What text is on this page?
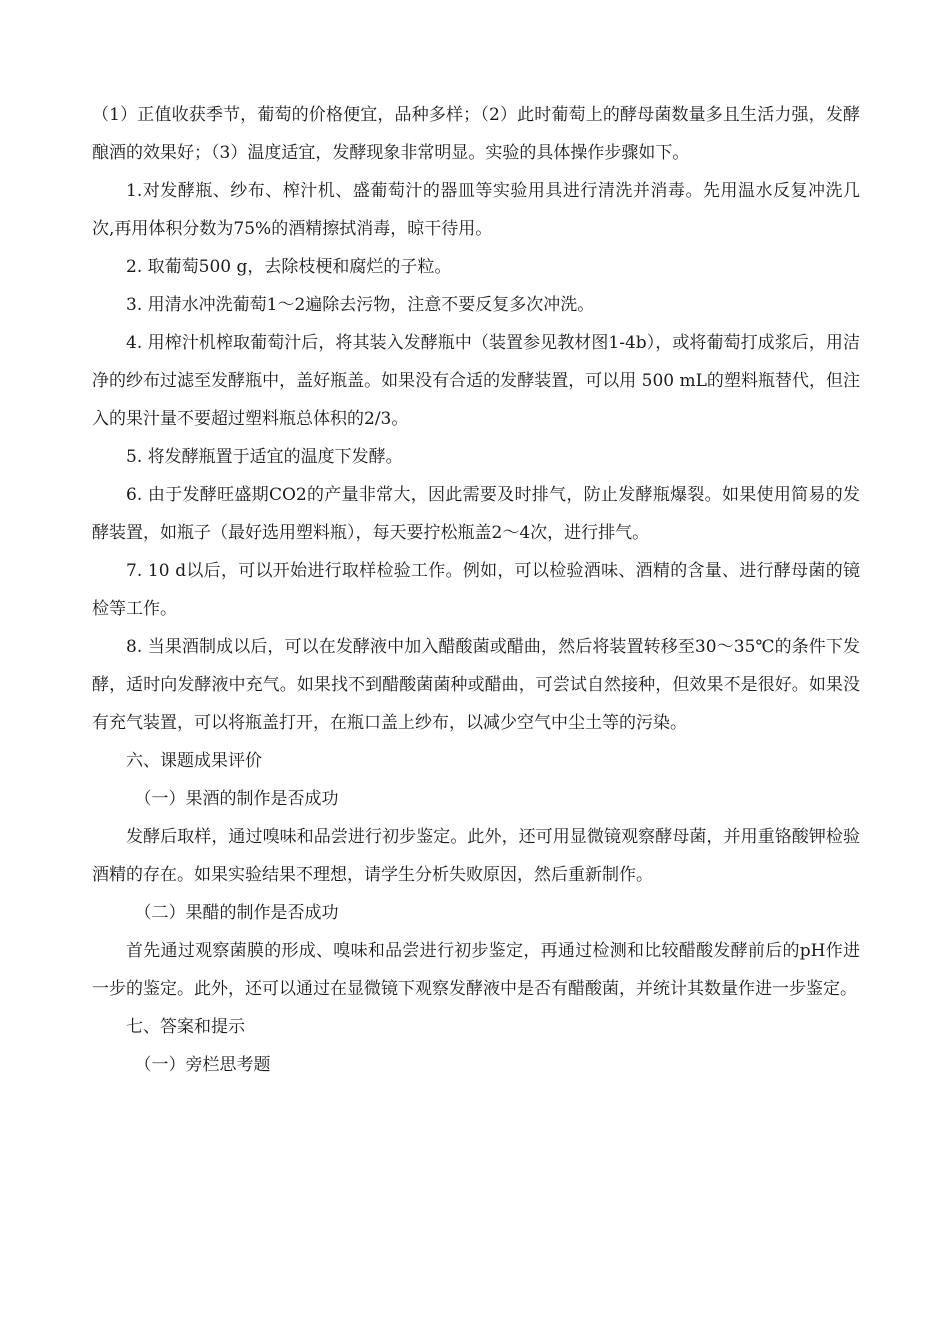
（1）正值收获季节，葡萄的价格便宜，品种多样；（2）此时葡萄上的酵母菌数量多且生活力强，发酵酿酒的效果好；（3）温度适宜，发酵现象非常明显。实验的具体操作步骤如下。

1.对发酵瓶、纱布、榨汁机、盛葡萄汁的器皿等实验用具进行清洗并消毒。先用温水反复冲洗几次,再用体积分数为75%的酒精擦拭消毒，晾干待用。

2. 取葡萄500 g，去除枝梗和腐烂的子粒。

3. 用清水冲洗葡萄1～2遍除去污物，注意不要反复多次冲洗。

4. 用榨汁机榨取葡萄汁后，将其装入发酵瓶中（装置参见教材图1-4b），或将葡萄打成浆后，用洁净的纱布过滤至发酵瓶中，盖好瓶盖。如果没有合适的发酵装置，可以用 500 mL的塑料瓶替代，但注入的果汁量不要超过塑料瓶总体积的2/3。

5. 将发酵瓶置于适宜的温度下发酵。

6. 由于发酵旺盛期CO2的产量非常大，因此需要及时排气，防止发酵瓶爆裂。如果使用简易的发酵装置，如瓶子（最好选用塑料瓶），每天要拧松瓶盖2～4次，进行排气。

7. 10 d以后，可以开始进行取样检验工作。例如，可以检验酒味、酒精的含量、进行酵母菌的镜检等工作。

8. 当果酒制成以后，可以在发酵液中加入醋酸菌或醋曲，然后将装置转移至30～35℃的条件下发酵，适时向发酵液中充气。如果找不到醋酸菌菌种或醋曲，可尝试自然接种，但效果不是很好。如果没有充气装置，可以将瓶盖打开，在瓶口盖上纱布，以减少空气中尘土等的污染。

六、课题成果评价

（一）果酒的制作是否成功

发酵后取样，通过嗅味和品尝进行初步鉴定。此外，还可用显微镜观察酵母菌，并用重铬酸钾检验酒精的存在。如果实验结果不理想，请学生分析失败原因，然后重新制作。

（二）果醋的制作是否成功

首先通过观察菌膜的形成、嗅味和品尝进行初步鉴定，再通过检测和比较醋酸发酵前后的pH作进一步的鉴定。此外，还可以通过在显微镜下观察发酵液中是否有醋酸菌，并统计其数量作进一步鉴定。

七、答案和提示

（一）旁栏思考题
